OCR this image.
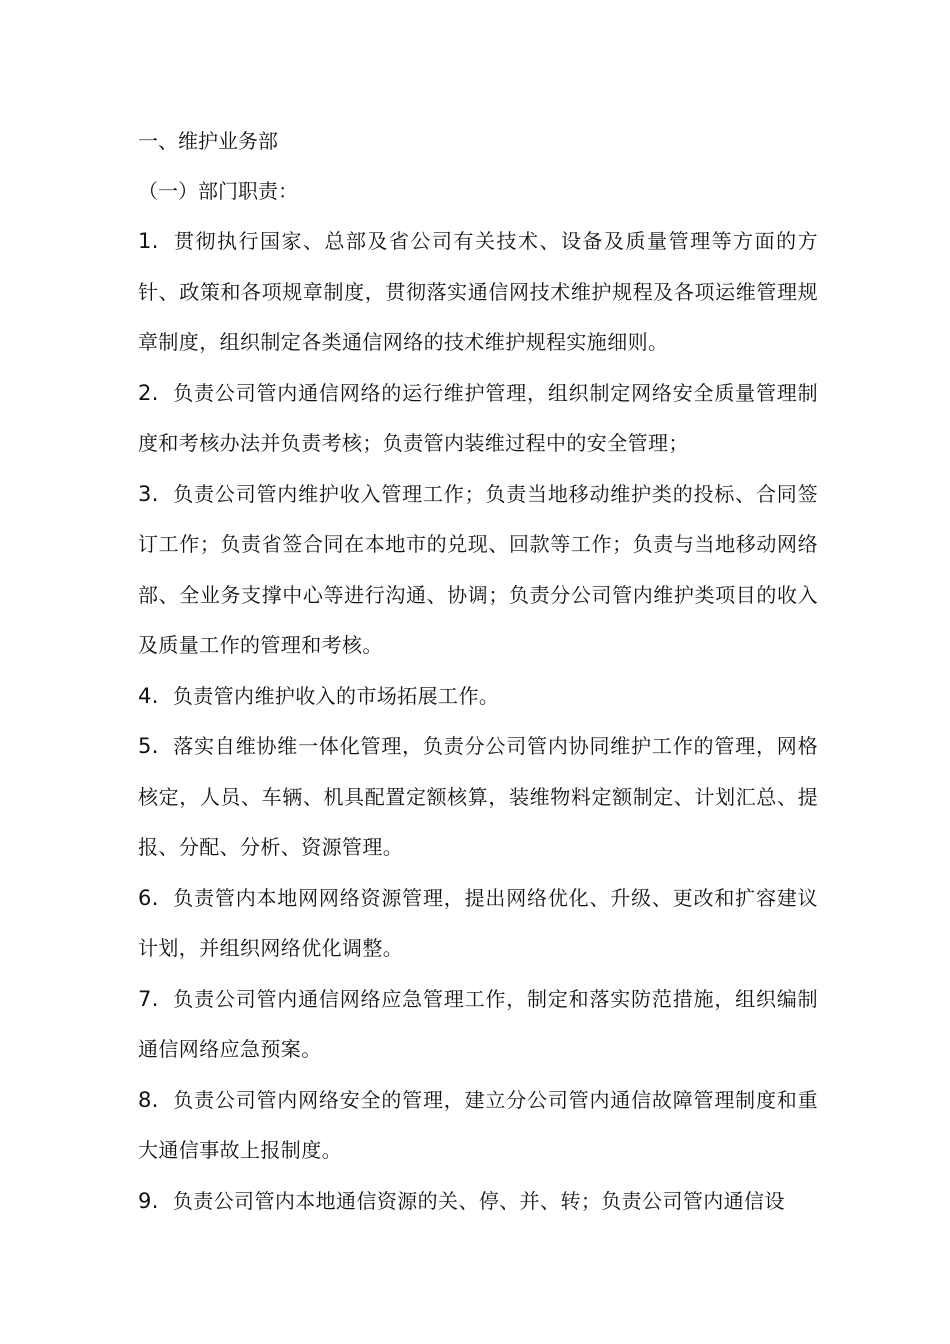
一、维护业务部
（一）部门职责：
1. 贯彻执行国家、总部及省公司有关技术、设备及质量管理等方面的方针、政策和各项规章制度，贯彻落实通信网技术维护规程及各项运维管理规章制度，组织制定各类通信网络的技术维护规程实施细则。
2. 负责公司管内通信网络的运行维护管理，组织制定网络安全质量管理制度和考核办法并负责考核；负责管内装维过程中的安全管理；
3. 负责公司管内维护收入管理工作；负责当地移动维护类的投标、合同签订工作；负责省签合同在本地市的兑现、回款等工作；负责与当地移动网络部、全业务支撑中心等进行沟通、协调；负责分公司管内维护类项目的收入及质量工作的管理和考核。
4. 负责管内维护收入的市场拓展工作。
5. 落实自维协维一体化管理，负责分公司管内协同维护工作的管理，网格核定，人员、车辆、机具配置定额核算，装维物料定额制定、计划汇总、提报、分配、分析、资源管理。
6. 负责管内本地网网络资源管理，提出网络优化、升级、更改和扩容建议计划，并组织网络优化调整。
7. 负责公司管内通信网络应急管理工作，制定和落实防范措施，组织编制通信网络应急预案。
8. 负责公司管内网络安全的管理，建立分公司管内通信故障管理制度和重大通信事故上报制度。
9. 负责公司管内本地通信资源的关、停、并、转；负责公司管内通信设
